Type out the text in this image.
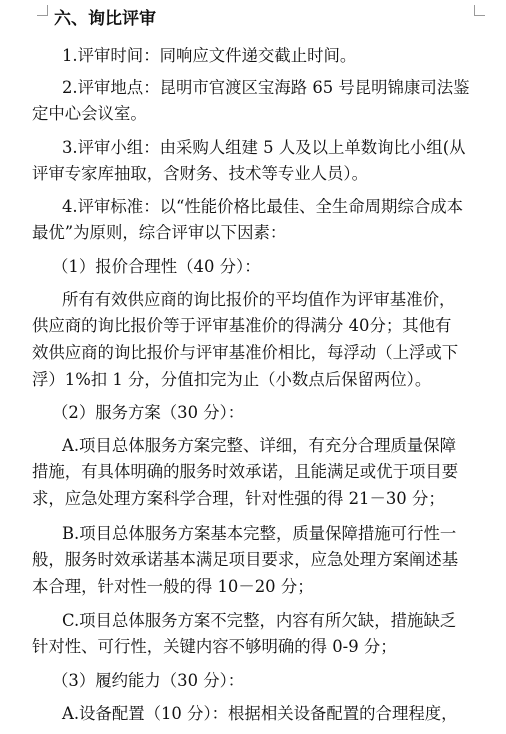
六、询比评审
1.评审时间：同响应文件递交截止时间。
2.评审地点：昆明市官渡区宝海路 65 号昆明锦康司法鉴
定中心会议室。
3.评审小组：由采购人组建 5 人及以上单数询比小组(从
评审专家库抽取，含财务、技术等专业人员）。
4.评审标准：以“性能价格比最佳、全生命周期综合成本
最优”为原则，综合评审以下因素：
（1）报价合理性（40 分）：
所有有效供应商的询比报价的平均值作为评审基准价，
供应商的询比报价等于评审基准价的得满分 40分；其他有
效供应商的询比报价与评审基准价相比，每浮动（上浮或下
浮）1%扣 1 分，分值扣完为止（小数点后保留两位）。
（2）服务方案（30 分）：
A.项目总体服务方案完整、详细，有充分合理质量保障
措施，有具体明确的服务时效承诺，且能满足或优于项目要
求，应急处理方案科学合理，针对性强的得 21－30 分；
B.项目总体服务方案基本完整，质量保障措施可行性一
般，服务时效承诺基本满足项目要求，应急处理方案阐述基
本合理，针对性一般的得 10－20 分；
C.项目总体服务方案不完整，内容有所欠缺，措施缺乏
针对性、可行性，关键内容不够明确的得 0-9 分；
（3）履约能力（30 分）：
A.设备配置（10 分）：根据相关设备配置的合理程度，
